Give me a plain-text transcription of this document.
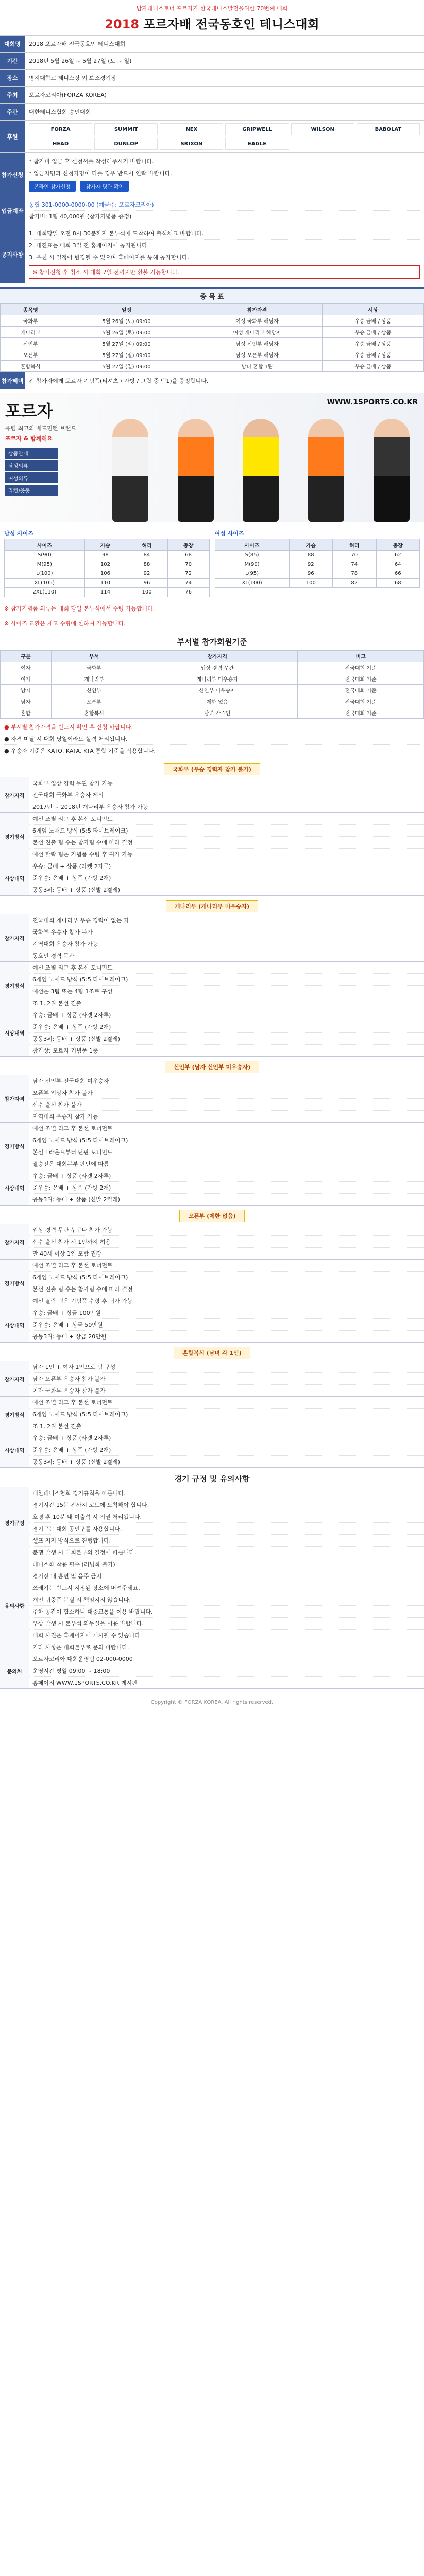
남자테니스토너 포르자가 한국테니스발전을위한 70번째 대회
2018 포르자배 전국동호인 테니스대회
대회명	2018 포르자배 전국동호인 테니스대회
기간	2018년 5월 26일 ~ 5월 27일 (토 ~ 일)
장소	명지대학교 테니스장 외 보조경기장
주최	포르자코리아(FORZA KOREA)
주관	대한테니스협회 승인대회
후원
FORZA	SUMMIT	NEX	GRIPWELL	WILSON	BABOLAT
HEAD	DUNLOP	SRIXON	EAGLE
참가신청
* 참가비 입금 후 신청서를 작성해주시기 바랍니다.
* 입금자명과 신청자명이 다를 경우 반드시 연락 바랍니다.
온라인 참가신청	참가자 명단 확인
입금계좌
농협 301-0000-0000-00 (예금주: 포르자코리아)
참가비: 1팀 40,000원 (참가기념품 증정)
공지사항
1. 대회당일 오전 8시 30분까지 본부석에 도착하여 출석체크 바랍니다.
2. 대진표는 대회 3일 전 홈페이지에 공지됩니다.
3. 우천 시 일정이 변경될 수 있으며 홈페이지를 통해 공지합니다.
※ 참가신청 후 취소 시 대회 7일 전까지만 환불 가능합니다.
종 목 표
종목명	일정	참가자격	시상
국화부	5월 26일 (토) 09:00	여성 국화부 해당자	우승 금배 / 상품
개나리부	5월 26일 (토) 09:00	여성 개나리부 해당자	우승 금배 / 상품
신인부	5월 27일 (일) 09:00	남성 신인부 해당자	우승 금배 / 상품
오픈부	5월 27일 (일) 09:00	남성 오픈부 해당자	우승 금배 / 상품
혼합복식	5월 27일 (일) 09:00	남녀 혼합 1팀	우승 금배 / 상품
참가혜택 전 참가자에게 포르자 기념품(티셔츠 / 가방 / 그립 중 택1)을 증정합니다.
WWW.1SPORTS.CO.KR
포르자
유럽 최고의 배드민턴 브랜드
포르자 & 함께해요
상품안내
남성의류
여성의류
라켓/용품
남성 사이즈
사이즈	가슴	허리	총장
S(90)	98	84	68
M(95)	102	88	70
L(100)	106	92	72
XL(105)	110	96	74
2XL(110)	114	100	76
여성 사이즈
사이즈	가슴	허리	총장
S(85)	88	70	62
M(90)	92	74	64
L(95)	96	78	66
XL(100)	100	82	68
※ 참가기념품 의류는 대회 당일 본부석에서 수령 가능합니다.
※ 사이즈 교환은 재고 수량에 한하여 가능합니다.
부서별 참가회원기준
구분	부서	참가자격	비고
여자	국화부	입상 경력 무관	전국대회 기준
여자	개나리부	개나리부 미우승자	전국대회 기준
남자	신인부	신인부 미우승자	전국대회 기준
남자	오픈부	제한 없음	전국대회 기준
혼합	혼합복식	남녀 각 1인	전국대회 기준
● 부서별 참가자격을 반드시 확인 후 신청 바랍니다.
● 자격 미달 시 대회 당일이라도 실격 처리됩니다.
● 우승자 기준은 KATO, KATA, KTA 통합 기준을 적용합니다.
국화부 (우승 경력자 참가 불가)
참가자격
국화부 입상 경력 무관 참가 가능
전국대회 국화부 우승자 제외
2017년 ~ 2018년 개나리부 우승자 참가 가능
경기방식
예선 조별 리그 후 본선 토너먼트
6게임 노애드 방식 (5:5 타이브레이크)
본선 진출 팀 수는 참가팀 수에 따라 결정
예선 탈락 팀은 기념품 수령 후 귀가 가능
시상내역
우승: 금배 + 상품 (라켓 2자루)
준우승: 은배 + 상품 (가방 2개)
공동3위: 동배 + 상품 (신발 2켤레)
개나리부 (개나리부 미우승자)
참가자격
전국대회 개나리부 우승 경력이 없는 자
국화부 우승자 참가 불가
지역대회 우승자 참가 가능
동호인 경력 무관
경기방식
예선 조별 리그 후 본선 토너먼트
6게임 노애드 방식 (5:5 타이브레이크)
예선은 3팀 또는 4팀 1조로 구성
조 1, 2위 본선 진출
시상내역
우승: 금배 + 상품 (라켓 2자루)
준우승: 은배 + 상품 (가방 2개)
공동3위: 동배 + 상품 (신발 2켤레)
참가상: 포르자 기념품 1종
신인부 (남자 신인부 미우승자)
참가자격
남자 신인부 전국대회 미우승자
오픈부 입상자 참가 불가
선수 출신 참가 불가
지역대회 우승자 참가 가능
경기방식
예선 조별 리그 후 본선 토너먼트
6게임 노애드 방식 (5:5 타이브레이크)
본선 1라운드부터 단판 토너먼트
결승전은 대회본부 판단에 따름
시상내역
우승: 금배 + 상품 (라켓 2자루)
준우승: 은배 + 상품 (가방 2개)
공동3위: 동배 + 상품 (신발 2켤레)
오픈부 (제한 없음)
참가자격
입상 경력 무관 누구나 참가 가능
선수 출신 참가 시 1인까지 허용
만 40세 이상 1인 포함 권장
경기방식
예선 조별 리그 후 본선 토너먼트
6게임 노애드 방식 (5:5 타이브레이크)
본선 진출 팀 수는 참가팀 수에 따라 결정
예선 탈락 팀은 기념품 수령 후 귀가 가능
시상내역
우승: 금배 + 상금 100만원
준우승: 은배 + 상금 50만원
공동3위: 동배 + 상금 20만원
혼합복식 (남녀 각 1인)
참가자격
남자 1인 + 여자 1인으로 팀 구성
남자 오픈부 우승자 참가 불가
여자 국화부 우승자 참가 불가
경기방식
예선 조별 리그 후 본선 토너먼트
6게임 노애드 방식 (5:5 타이브레이크)
조 1, 2위 본선 진출
시상내역
우승: 금배 + 상품 (라켓 2자루)
준우승: 은배 + 상품 (가방 2개)
공동3위: 동배 + 상품 (신발 2켤레)
경기 규정 및 유의사항
경기규정
대한테니스협회 경기규칙을 따릅니다.
경기시간 15분 전까지 코트에 도착해야 합니다.
호명 후 10분 내 미출석 시 기권 처리됩니다.
경기구는 대회 공인구를 사용합니다.
셀프 저지 방식으로 진행합니다.
분쟁 발생 시 대회본부의 결정에 따릅니다.
유의사항
테니스화 착용 필수 (러닝화 불가)
경기장 내 흡연 및 음주 금지
쓰레기는 반드시 지정된 장소에 버려주세요.
개인 귀중품 분실 시 책임지지 않습니다.
주차 공간이 협소하니 대중교통을 이용 바랍니다.
부상 발생 시 본부석 의무실을 이용 바랍니다.
대회 사진은 홈페이지에 게시될 수 있습니다.
기타 사항은 대회본부로 문의 바랍니다.
문의처
포르자코리아 대회운영팀 02-000-0000
운영시간 평일 09:00 ~ 18:00
홈페이지 WWW.1SPORTS.CO.KR 게시판
Copyright © FORZA KOREA. All rights reserved.
